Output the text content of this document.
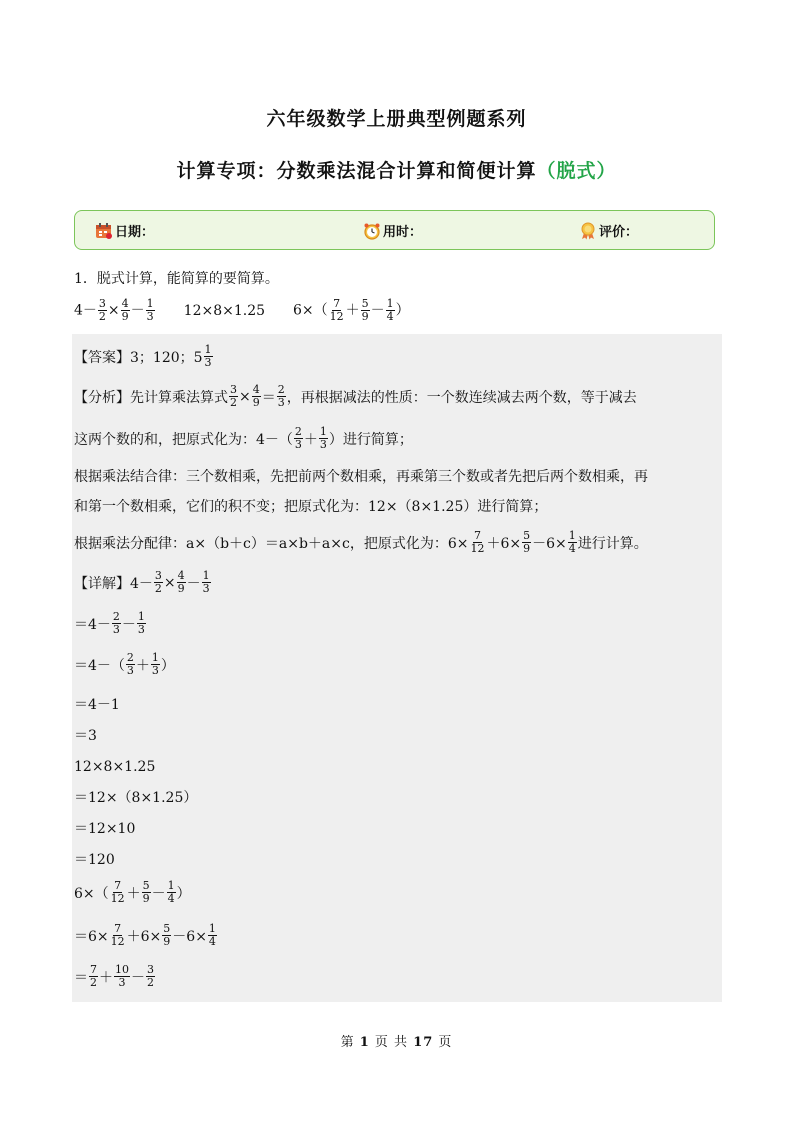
六年级数学上册典型例题系列
计算专项：分数乘法混合计算和简便计算（脱式）
日期：	用时：	评价：
1．脱式计算，能简算的要简算。
$4- \frac{3}{2} \times \frac{4}{9} - \frac{1}{3} 12\times 8\times 1.25$ $6\times( \frac{7}{12} + \frac{5}{9} - \frac{1}{4}$ ）
【答案】3；120；$5 \frac{1}{3}$
【分析】先计算乘法算式 $\frac{3}{2} \times \frac{4}{9} = \frac{2}{3}$ ，再根据减法的性质：一个数连续减去两个数，等于减去
这两个数的和，把原式化为：$4-( \frac{2}{3} + \frac{1}{3}$ ）进行简算；
根据乘法结合律：三个数相乘，先把前两个数相乘，再乘第三个数或者先把后两个数相乘，再
和第一个数相乘，它们的积不变；把原式化为：12×（8×1.25）进行简算；
根据乘法分配律：a×（b＋c）＝a×b＋a×c，把原式化为：$6\times \frac{7}{12} +6\times \frac{5}{9} -6\times \frac{1}{4}$ 进行计算。
【详解】 $4- \frac{3}{2} \times \frac{4}{9} - \frac{1}{3}$
$=4- \frac{2}{3} - \frac{1}{3}$
$=4-( \frac{2}{3} + \frac{1}{3}$ ）
＝4－1
＝3
12×8×1.25
＝12×（8×1.25）
＝12×10
＝120
$6\times( \frac{7}{12} + \frac{5}{9} - \frac{1}{4}$ ）
$=6\times \frac{7}{12} +6\times \frac{5}{9} -6\times \frac{1}{4}$
＝ $\frac{7}{2} + \frac{10}{3} - \frac{3}{2}$
第 1 页 共 17 页
